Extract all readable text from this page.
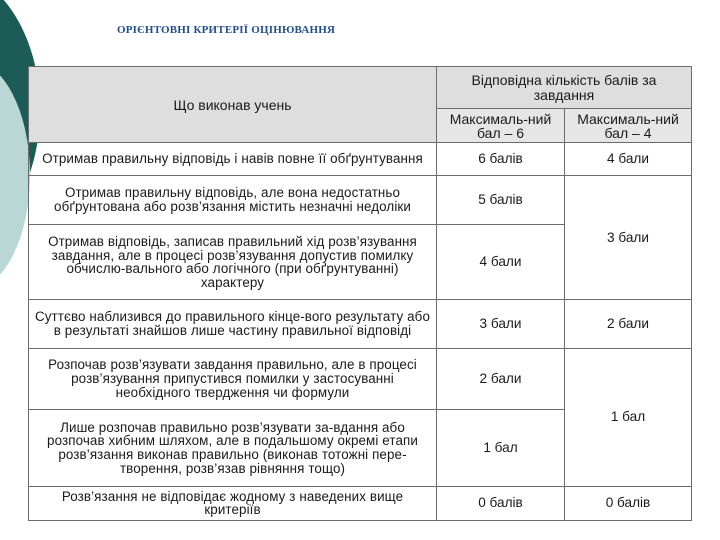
ОРІЄНТОВНІ КРИТЕРІЇ ОЦІНЮВАННЯ
Що виконав учень	Відповідна кількість балів за завдання	
	Максималь-ний бал – 6	Максималь-ний бал – 4
Отримав правильну відповідь і навів повне її обґрунтування	6 балів	4 бали
Отримав правильну відповідь, але вона недостатньо обґрунтована або розв’язання містить незначні недоліки	5 балів	3 бали
Отримав відповідь, записав правильний хід розв’язування завдання, але в процесі розв’язування допустив помилку обчислю-вального або логічного (при обґрунтуванні) характеру	4 бали	
Суттєво наблизився до правильного кінце-вого результату або в результаті знайшов лише частину правильної відповіді	3 бали	2 бали
Розпочав розв’язувати завдання правильно, але в процесі розв’язування припустився помилки у застосуванні необхідного твердження чи формули	2 бали	1 бал
Лише розпочав правильно розв’язувати за-вдання або розпочав хибним шляхом, але в подальшому окремі етапи розв’язання виконав правильно (виконав тотожні пере-творення, розв’язав рівняння тощо)	1 бал	
Розв’язання не відповідає жодному з наведених вище критеріїв	0 балів	0 балів
